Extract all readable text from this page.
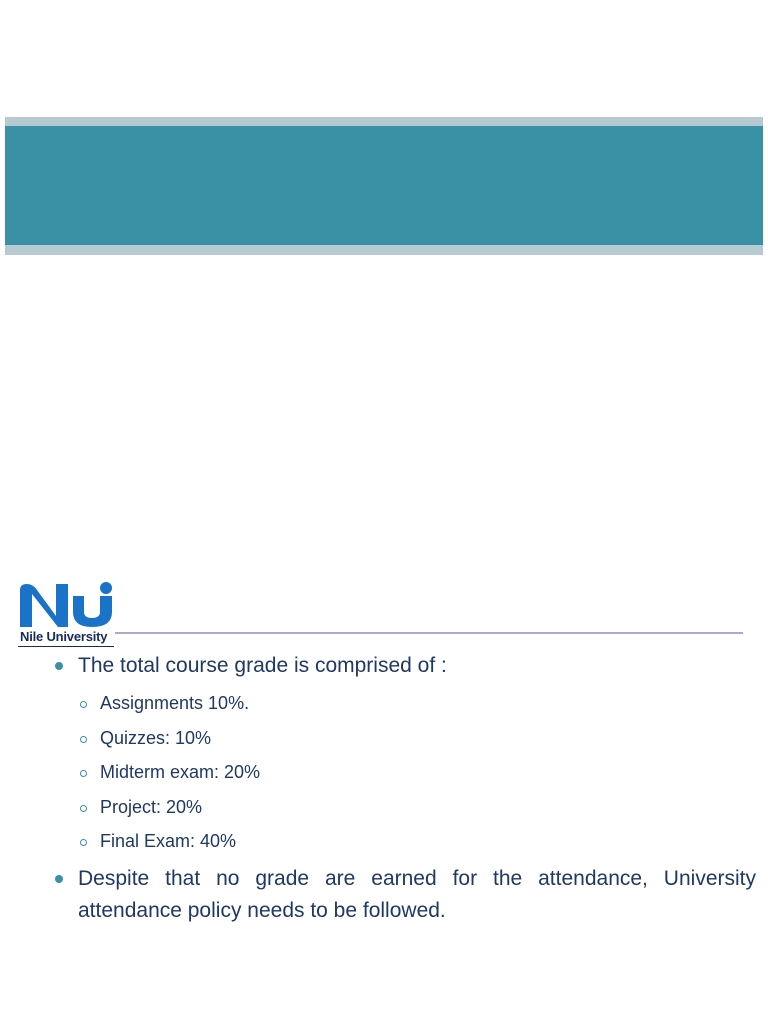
Nile University
The total course grade is comprised of :
Assignments 10%.
Quizzes: 10%
Midterm exam: 20%
Project: 20%
Final Exam: 40%
Despite that no grade are earned for the attendance, University attendance policy needs to be followed.
